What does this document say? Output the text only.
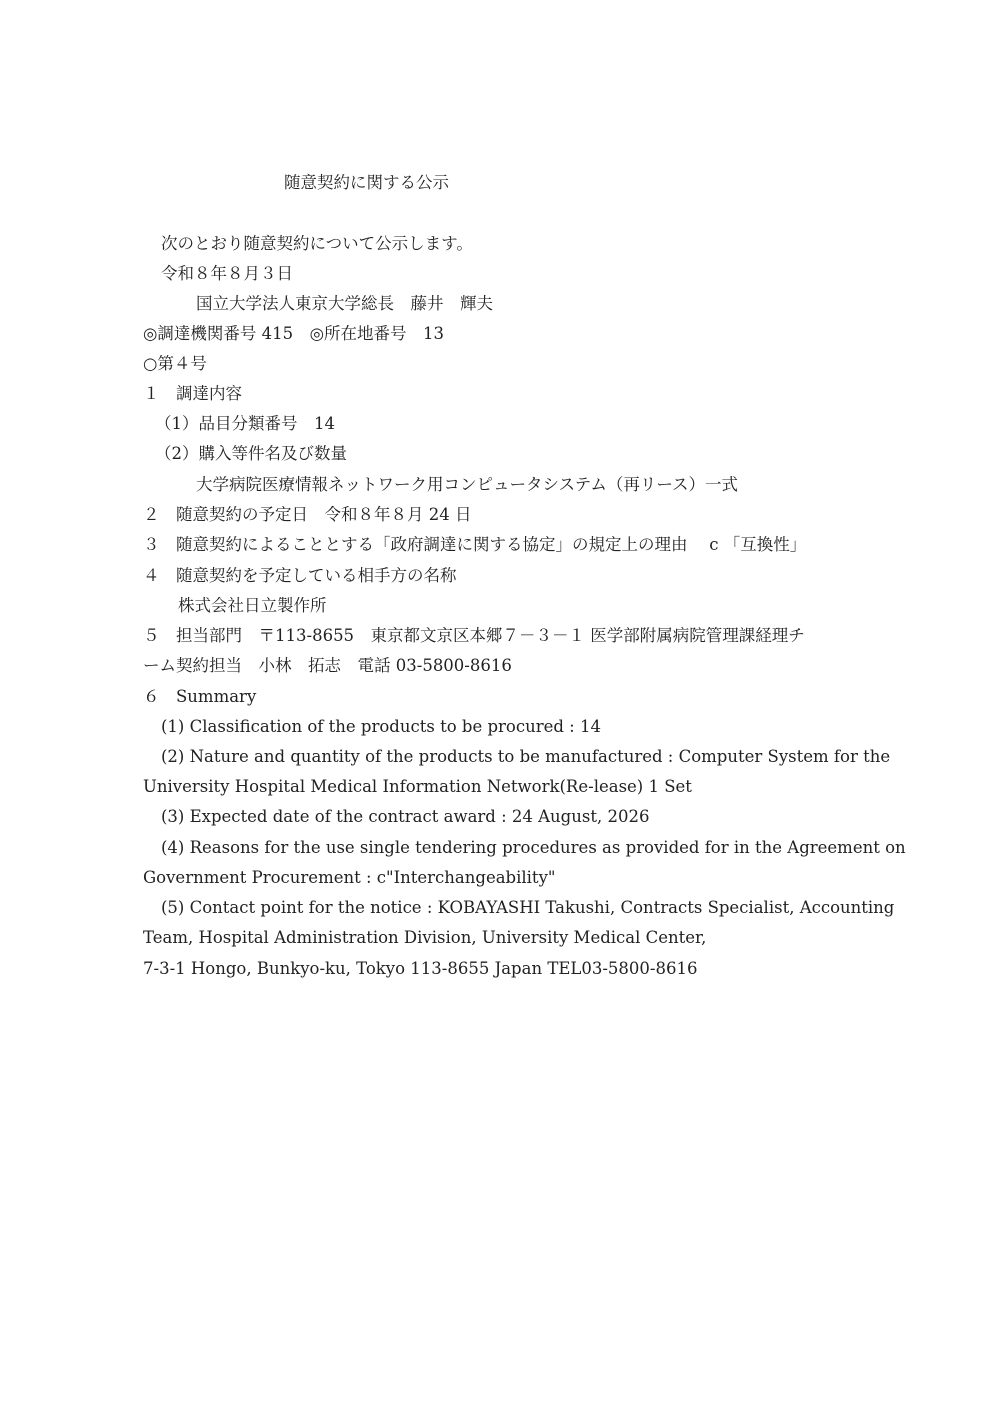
随意契約に関する公示
次のとおり随意契約について公示します。
令和８年８月３日
国立大学法人東京大学総長　藤井　輝夫
◎調達機関番号 415　◎所在地番号　13
○第４号
１　調達内容
（1）品目分類番号　14
（2）購入等件名及び数量
大学病院医療情報ネットワーク用コンピュータシステム（再リース）一式
２　随意契約の予定日　令和８年８月 24 日
３　随意契約によることとする「政府調達に関する協定」の規定上の理由　 c 「互換性」
４　随意契約を予定している相手方の名称
株式会社日立製作所
５　担当部門　〒113-8655　東京都文京区本郷７－３－１ 医学部附属病院管理課経理チ
ーム契約担当　小林　拓志　電話 03-5800-8616
６　Summary
(1) Classification of the products to be procured : 14
(2) Nature and quantity of the products to be manufactured : Computer System for the
University Hospital Medical Information Network(Re-lease) 1 Set
(3) Expected date of the contract award : 24 August, 2026
(4) Reasons for the use single tendering procedures as provided for in the Agreement on
Government Procurement : c"Interchangeability"
(5) Contact point for the notice : KOBAYASHI Takushi, Contracts Specialist, Accounting
Team, Hospital Administration Division, University Medical Center,
7-3-1 Hongo, Bunkyo-ku, Tokyo 113-8655 Japan TEL03-5800-8616
